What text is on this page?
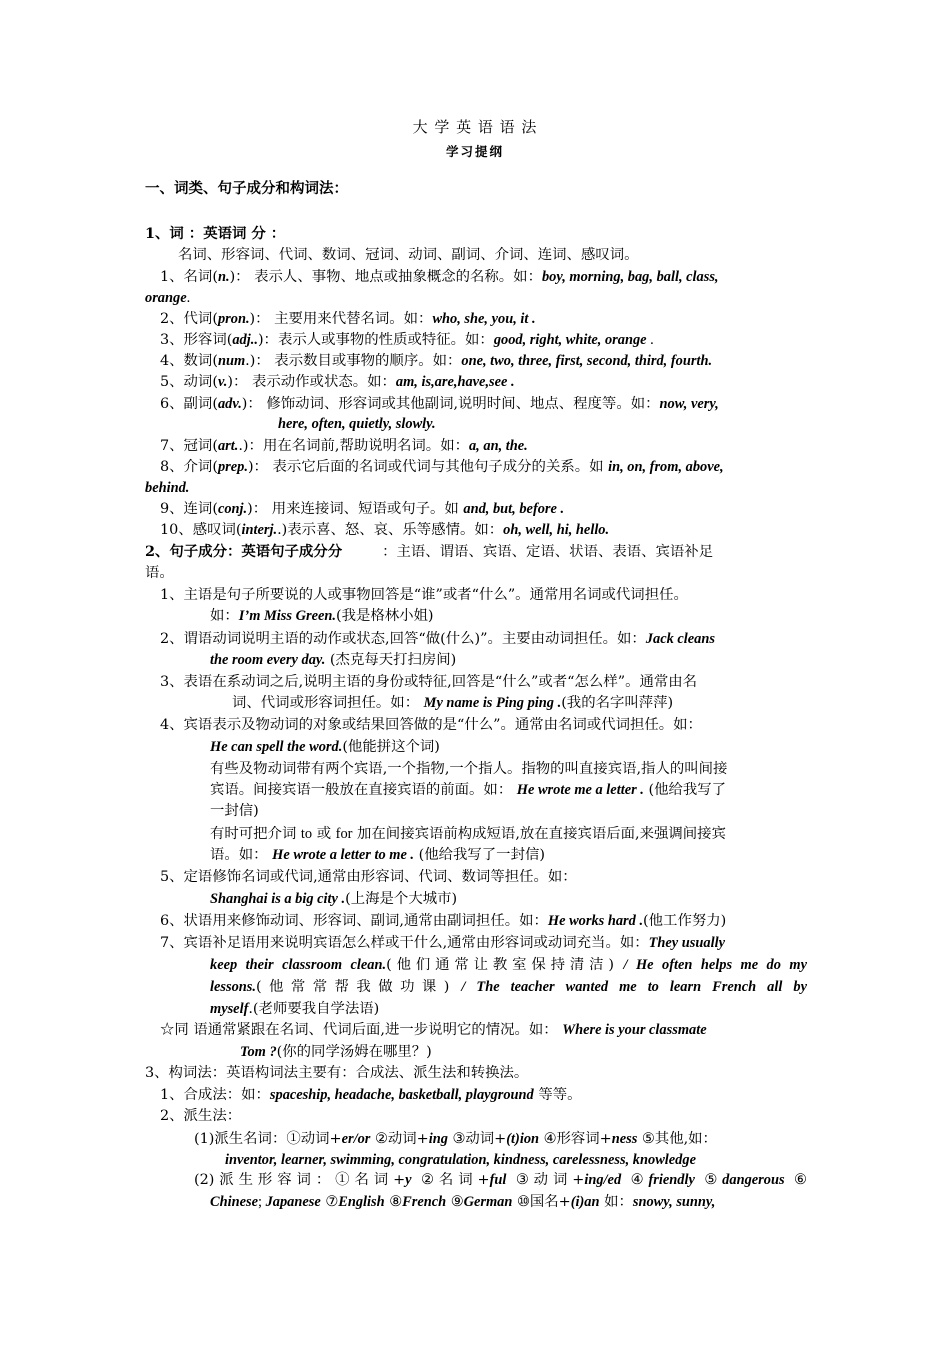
大 学 英 语 语 法
学习提纲
一、词类、句子成分和构词法：
1、词 ：英语词 分 ：
名词、形容词、代词、数词、冠词、动词、副词、介词、连词、感叹词。
1、名词(n.)： 表示人、事物、地点或抽象概念的名称。如：boy, morning, bag, ball, class,
orange.
2、代词(pron.)： 主要用来代替名词。如：who, she, you, it .
3、形容词(adj..)：表示人或事物的性质或特征。如：good, right, white, orange .
4、数词(num.)： 表示数目或事物的顺序。如：one, two, three, first, second, third, fourth.
5、动词(v.)： 表示动作或状态。如：am, is,are,have,see .
6、副词(adv.)： 修饰动词、形容词或其他副词,说明时间、地点、程度等。如：now, very,
here, often, quietly, slowly.
7、冠词(art..)：用在名词前,帮助说明名词。如：a, an, the.
8、介词(prep.)： 表示它后面的名词或代词与其他句子成分的关系。如 in, on, from, above,
behind.
9、连词(conj.)： 用来连接词、短语或句子。如 and, but, before .
10、感叹词(interj..)表示喜、怒、哀、乐等感情。如：oh, well, hi, hello.
2、句子成分：英语句子成分分	：主语、谓语、宾语、定语、状语、表语、宾语补足
语。
1、主语是句子所要说的人或事物回答是“谁”或者“什么”。通常用名词或代词担任。
如：I’m Miss Green.(我是格林小姐)
2、谓语动词说明主语的动作或状态,回答“做(什么)”。主要由动词担任。如：Jack cleans
the room every day. (杰克每天打扫房间)
3、表语在系动词之后,说明主语的身份或特征,回答是“什么”或者“怎么样”。通常由名
词、代词或形容词担任。如： My name is Ping ping .(我的名字叫萍萍)
4、宾语表示及物动词的对象或结果回答做的是“什么”。通常由名词或代词担任。如：
He can spell the word.(他能拼这个词)
有些及物动词带有两个宾语,一个指物,一个指人。指物的叫直接宾语,指人的叫间接
宾语。间接宾语一般放在直接宾语的前面。如： He wrote me a letter . (他给我写了
一封信)
有时可把介词 to 或 for 加在间接宾语前构成短语,放在直接宾语后面,来强调间接宾
语。如： He wrote a letter to me . (他给我写了一封信)
5、定语修饰名词或代词,通常由形容词、代词、数词等担任。如：
Shanghai is a big city .(上海是个大城市)
6、状语用来修饰动词、形容词、副词,通常由副词担任。如：He works hard .(他工作努力)
7、宾语补足语用来说明宾语怎么样或干什么,通常由形容词或动词充当。如：They usually
keep their classroom clean.(他们通常让教室保持清洁) / He often helps me do my
lessons.(他常常帮我做功课) / The teacher wanted me to learn French all by
myself.(老师要我自学法语)
☆同 语通常紧跟在名词、代词后面,进一步说明它的情况。如： Where is your classmate
Tom ?(你的同学汤姆在哪里？)
3、构词法：英语构词法主要有：合成法、派生法和转换法。
1、合成法：如：spaceship, headache, basketball, playground 等等。
2、派生法：
(1)派生名词：①动词+er/or ②动词+ing ③动词+(t)ion ④形容词+ness ⑤其他,如：
inventor, learner, swimming, congratulation, kindness, carelessness, knowledge
(2)派生形容词：①名词+y ②名词+ful ③动词+ing/ed ④friendly ⑤dangerous ⑥
Chinese; Japanese ⑦English ⑧French ⑨German ⑩国名+(i)an 如：snowy, sunny,
